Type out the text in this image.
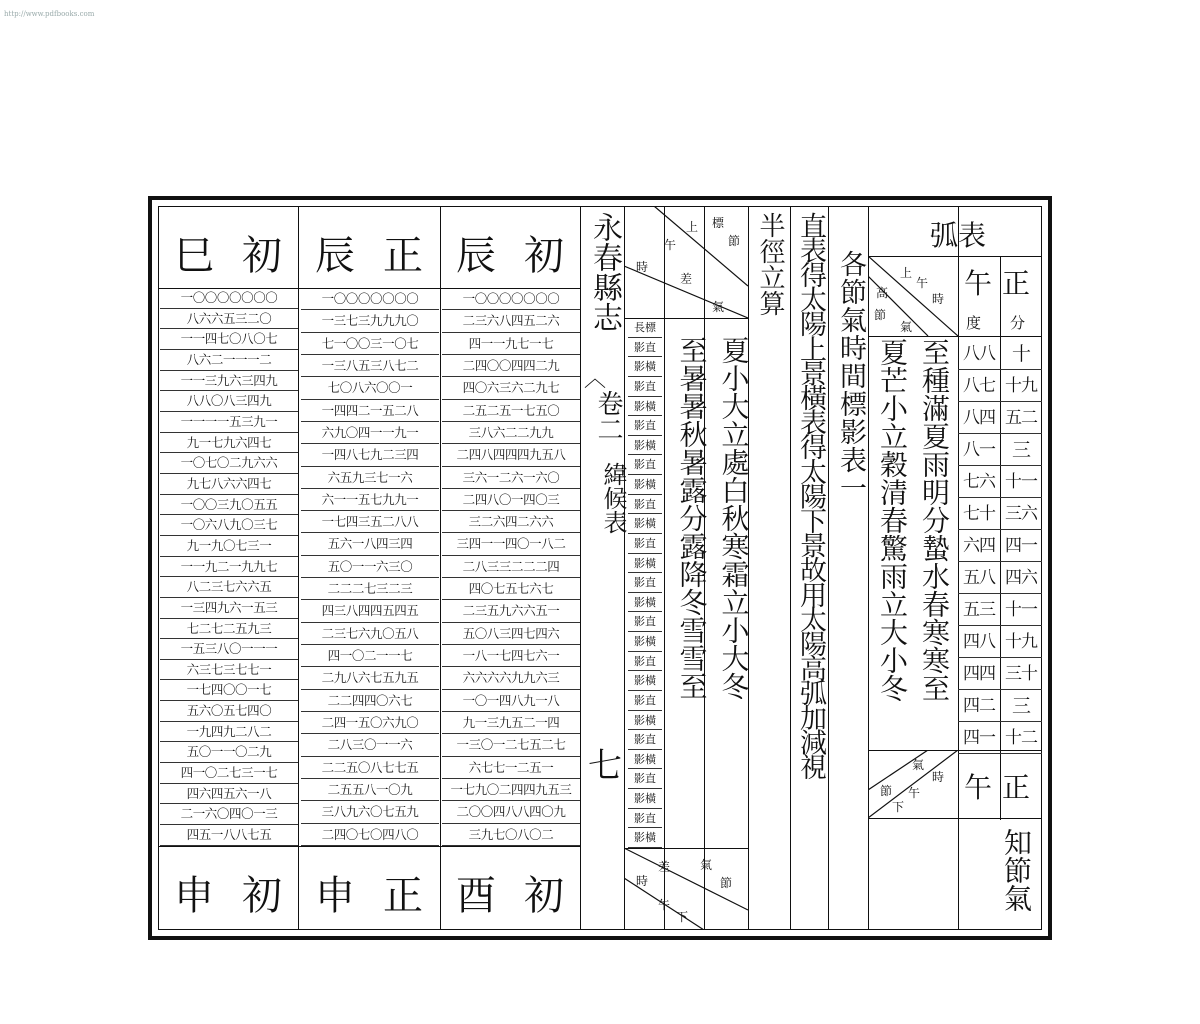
http://www.pdfbooks.com
辰 初
酉 初
一〇〇〇〇〇〇〇
二三六八四五二六
四一一九七一七
二四〇〇四四二九
四〇六三六二九七
二五二五一七五〇
三八六二二九九
二四八四四四九五八
三六一二六一六〇
二四八〇一四〇三
三二六四二六六
三四一一四〇一八二
二八三三二二二四
四〇七五七六七
二三五九六六五一
五〇八三四七四六
一八一七四七六一
六六六六九九六三
一〇一四八九一八
九一三九五二一四
一三〇一二七五二七
六七七一二五一
一七九〇二四四九五三
二〇〇四八八四〇九
三九七〇八〇二
辰 正
申 正
一〇〇〇〇〇〇〇
一三七三九九九〇
七一〇〇三一〇七
一三八五三八七二
七〇八六〇〇一
一四四二一五二八
六九〇四一一九一
一四八七九二三四
六五九三七一六
六一一五七九九一
一七四三五二八八
五六一八四三四
五〇一一六三〇
二二二七三二三
四三八四四五四五
二三七六九〇五八
四一〇二一一七
二九八六七五九五
二二四四〇六七
二四一五〇六九〇
二八三〇一一六
二二五〇八七七五
二五五八一〇九
三八九六〇七五九
二四〇七〇四八〇
巳 初
申 初
一〇〇〇〇〇〇〇
八六六五三二〇
一一四七〇八〇七
八六二一一一二
一一三九六三四九
八八〇八三四九
一一一一五三九一
九一七九六四七
一〇七〇二九六六
九七八六六四七
一〇〇三九〇五五
一〇六八九〇三七
九一九〇七三一
一一九二一九九七
八二三七六六五
一三四九六一五三
七二七二五九三
一五三八〇一一一
六三七三七七一
一七四〇〇一七
五六〇五七四〇
一九四九二八二
五〇一一〇二九
四一〇二七三一七
四六四五六一八
二一六〇四〇一三
四五一八八七五
永春縣志
︿
卷二
緯候表
七
標
節
上
午
時
差
氣
長標
影直
影橫
影直
影橫
影直
影橫
影直
影橫
影直
影橫
影直
影橫
影直
影橫
影直
影橫
影直
影橫
影直
影橫
影直
影橫
影直
影橫
影直
影橫
夏小大立處白秋寒霜立小大冬
至暑暑秋暑露分露降冬雪雪至
節
氣
下
午
時
差
半徑立算 直表得太陽上景橫表得太陽下景故用太陽高弧加減視 各節氣時間標影表一
弧表
午正
上
午
時
節
氣
高
度 分
至種滿夏雨明分蟄水春寒寒至
夏芒小立穀清春驚雨立大小冬
八八
八七
八四
八一
七六
七十
六四
五八
五三
四八
四四
四二
四一
十
十九
五二
三
十一
三六
四一
四六
十一
十九
三十
三
十二
氣
時
午
節
下
午正
知節氣
